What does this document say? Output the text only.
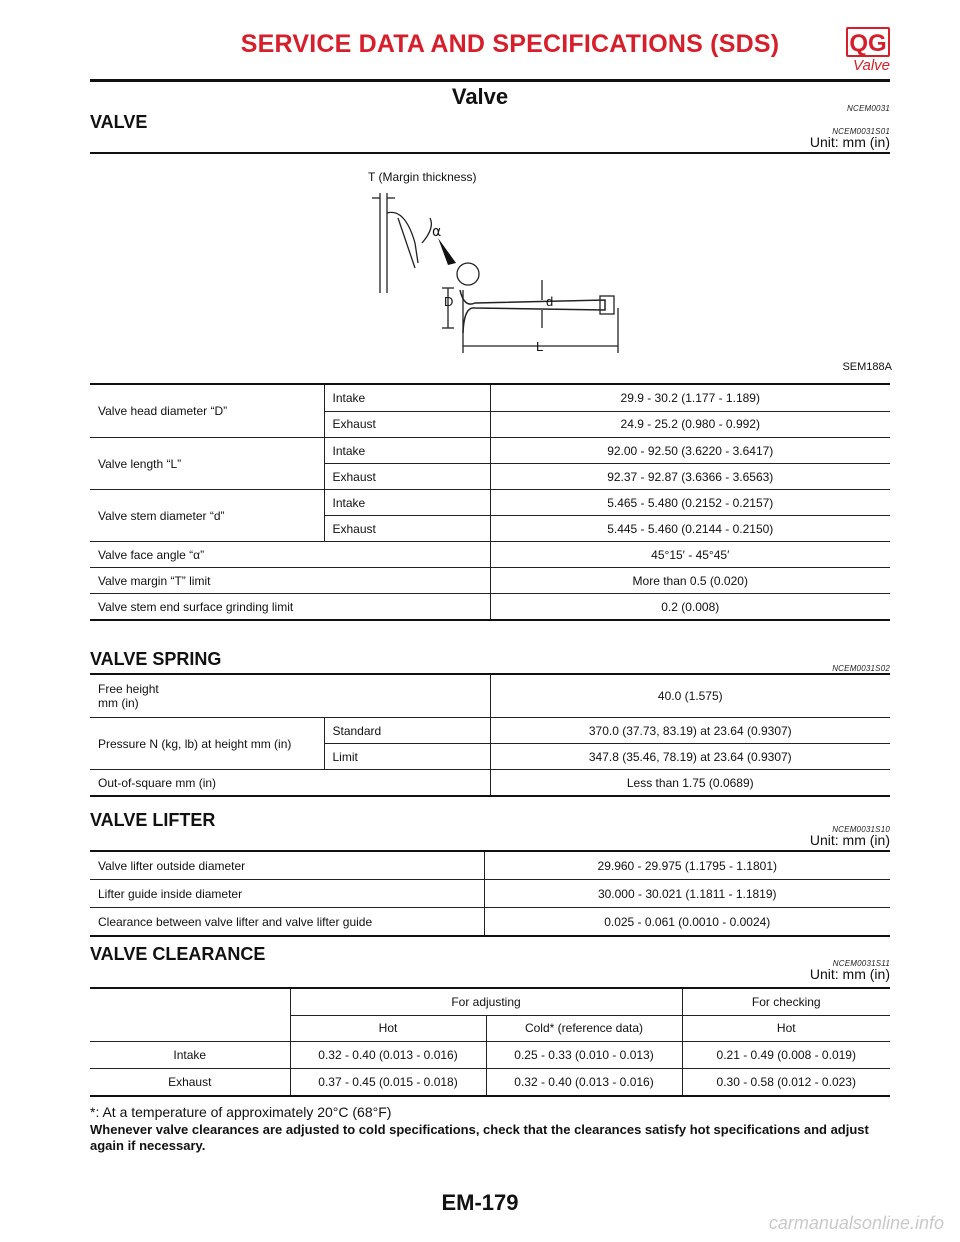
SERVICE DATA AND SPECIFICATIONS (SDS)	QG
Valve
Valve	NCEM0031
VALVE	NCEM0031S01
Unit: mm (in)
T (Margin thickness)
α
D	d
L
SEM188A
Valve head diameter “D”	Intake	29.9 - 30.2 (1.177 - 1.189)
	Exhaust	24.9 - 25.2 (0.980 - 0.992)
Valve length “L”	Intake	92.00 - 92.50 (3.6220 - 3.6417)
	Exhaust	92.37 - 92.87 (3.6366 - 3.6563)
Valve stem diameter “d”	Intake	5.465 - 5.480 (0.2152 - 0.2157)
	Exhaust	5.445 - 5.460 (0.2144 - 0.2150)
Valve face angle “α”		45°15′ - 45°45′
Valve margin “T” limit		More than 0.5 (0.020)
Valve stem end surface grinding limit		0.2 (0.008)
VALVE SPRING	NCEM0031S02
Free height
mm (in)		40.0 (1.575)
Pressure N (kg, lb) at height mm (in)	Standard	370.0 (37.73, 83.19) at 23.64 (0.9307)
	Limit	347.8 (35.46, 78.19) at 23.64 (0.9307)
Out-of-square mm (in)		Less than 1.75 (0.0689)
VALVE LIFTER	NCEM0031S10
Unit: mm (in)
Valve lifter outside diameter	29.960 - 29.975 (1.1795 - 1.1801)
Lifter guide inside diameter	30.000 - 30.021 (1.1811 - 1.1819)
Clearance between valve lifter and valve lifter guide	0.025 - 0.061 (0.0010 - 0.0024)
VALVE CLEARANCE	NCEM0031S11
Unit: mm (in)
	For adjusting		For checking
	Hot	Cold* (reference data)	Hot
Intake	0.32 - 0.40 (0.013 - 0.016)	0.25 - 0.33 (0.010 - 0.013)	0.21 - 0.49 (0.008 - 0.019)
Exhaust	0.37 - 0.45 (0.015 - 0.018)	0.32 - 0.40 (0.013 - 0.016)	0.30 - 0.58 (0.012 - 0.023)
*: At a temperature of approximately 20°C (68°F)
Whenever valve clearances are adjusted to cold specifications, check that the clearances satisfy hot specifications and adjust again if necessary.
EM-179
carmanualsonline.info
